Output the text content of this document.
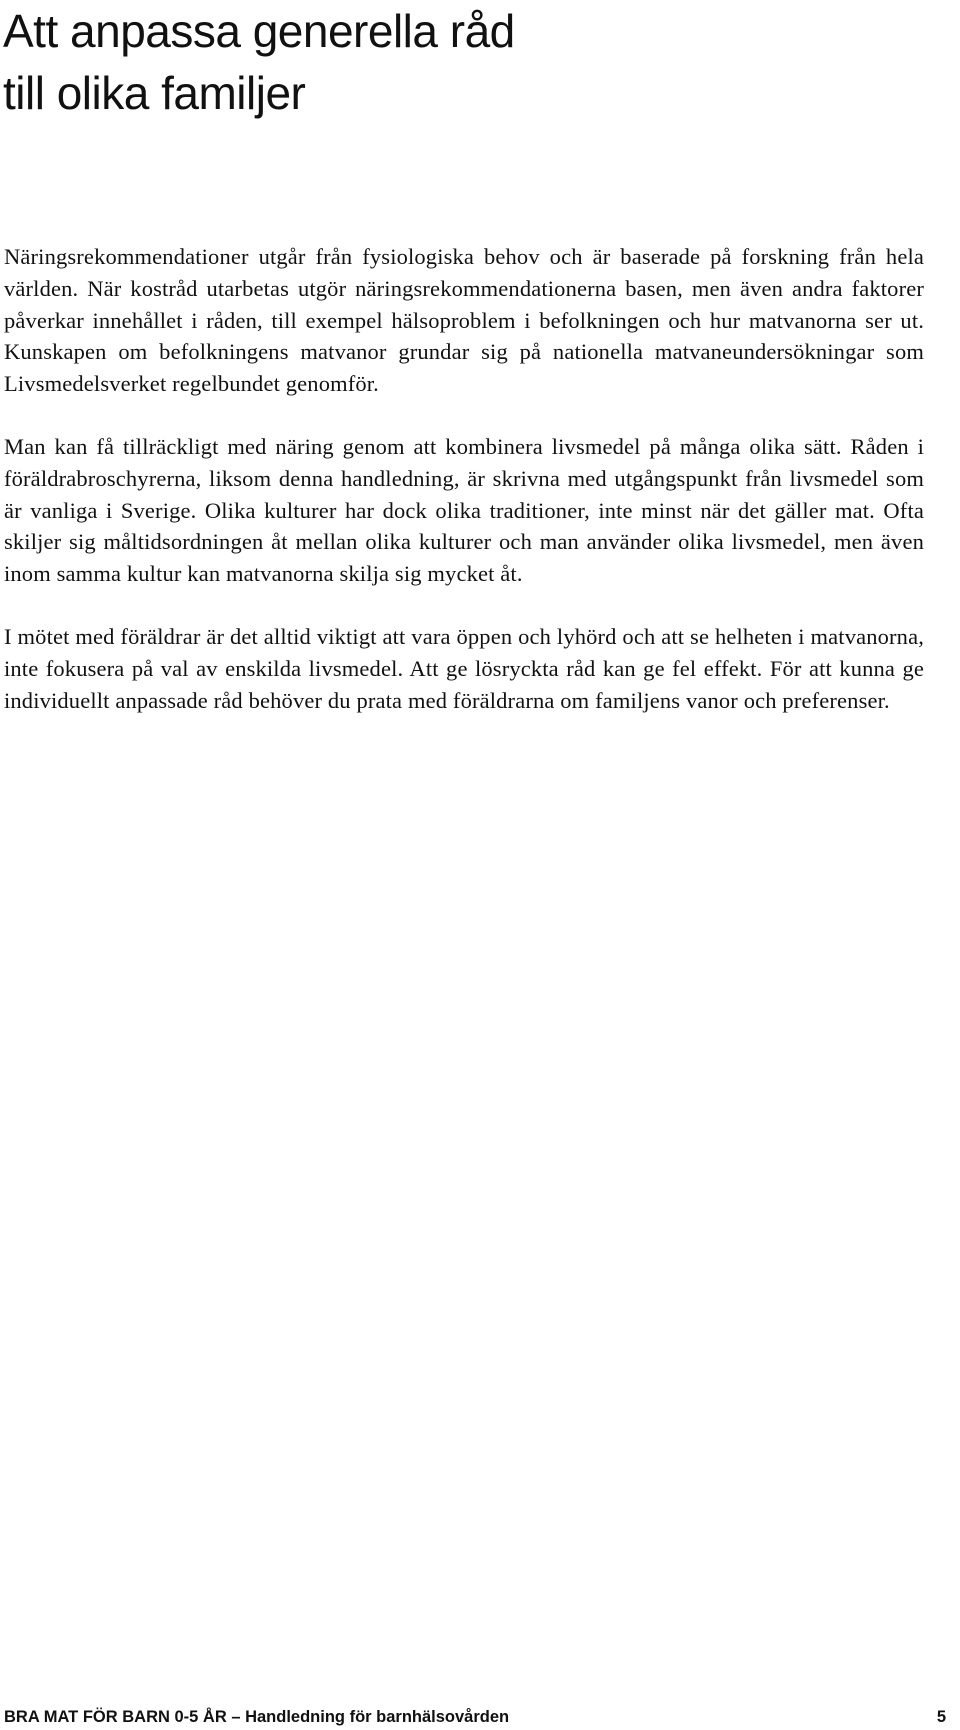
Att anpassa generella råd
till olika familjer

Näringsrekommendationer utgår från fysiologiska behov och är baserade på forskning från hela världen. När kostråd utarbetas utgör näringsrekommendationerna basen, men även andra faktorer påverkar innehållet i råden, till exempel hälsoproblem i befolkningen och hur matvanorna ser ut. Kunskapen om befolkningens matvanor grundar sig på nationella matvaneundersökningar som Livsmedelsverket regelbundet genomför.

Man kan få tillräckligt med näring genom att kombinera livsmedel på många olika sätt. Råden i föräldrabroschyrerna, liksom denna handledning, är skrivna med utgångspunkt från livsmedel som är vanliga i Sverige. Olika kulturer har dock olika traditioner, inte minst när det gäller mat. Ofta skiljer sig måltidsordningen åt mellan olika kulturer och man använder olika livsmedel, men även inom samma kultur kan matvanorna skilja sig mycket åt.

I mötet med föräldrar är det alltid viktigt att vara öppen och lyhörd och att se helheten i matvanorna, inte fokusera på val av enskilda livsmedel. Att ge lösryckta råd kan ge fel effekt. För att kunna ge individuellt anpassade råd behöver du prata med föräldrarna om familjens vanor och preferenser.

BRA MAT FÖR BARN 0-5 ÅR – Handledning för barnhälsovården	5
